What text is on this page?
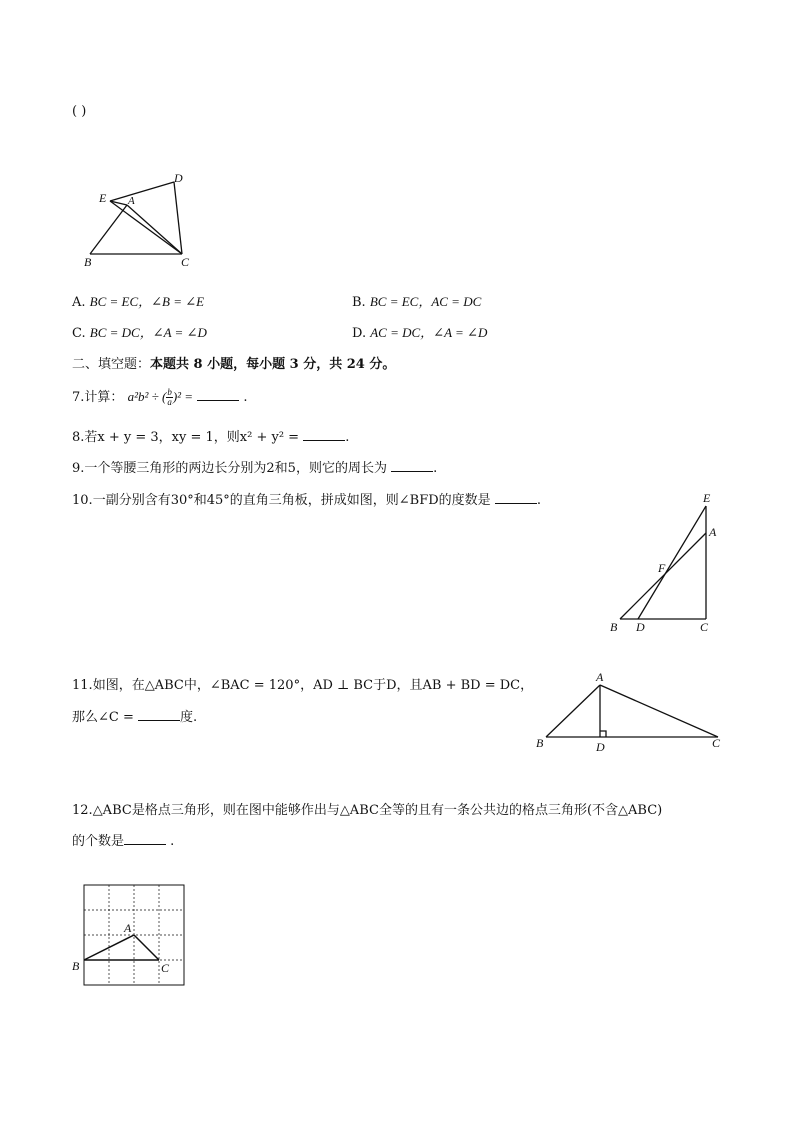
( )
D
E A
B	C
A. BC = EC，∠B = ∠E	B. BC = EC，AC = DC
C. BC = DC，∠A = ∠D	D. AC = DC，∠A = ∠D
二、填空题：本题共 8 小题，每小题 3 分，共 24 分。
7.计算： a²b² ÷ ( $\frac{b}{a} )^2$ =	.
8.若x + y = 3，xy = 1，则x² + y² =	.
9.一个等腰三角形的两边长分别为2和5，则它的周长为	.
10.一副分别含有30°和45°的直角三角板，拼成如图，则∠BFD的度数是	.	E
A
F
B D	C
11.如图，在△ABC中，∠BAC = 120°，AD ⊥ BC于D，且AB + BD = DC，
那么∠C =	度.
A
B	D	C
12.△ABC是格点三角形，则在图中能够作出与△ABC全等的且有一条公共边的格点三角形(不含△ABC)
的个数是	.
A
B	C
